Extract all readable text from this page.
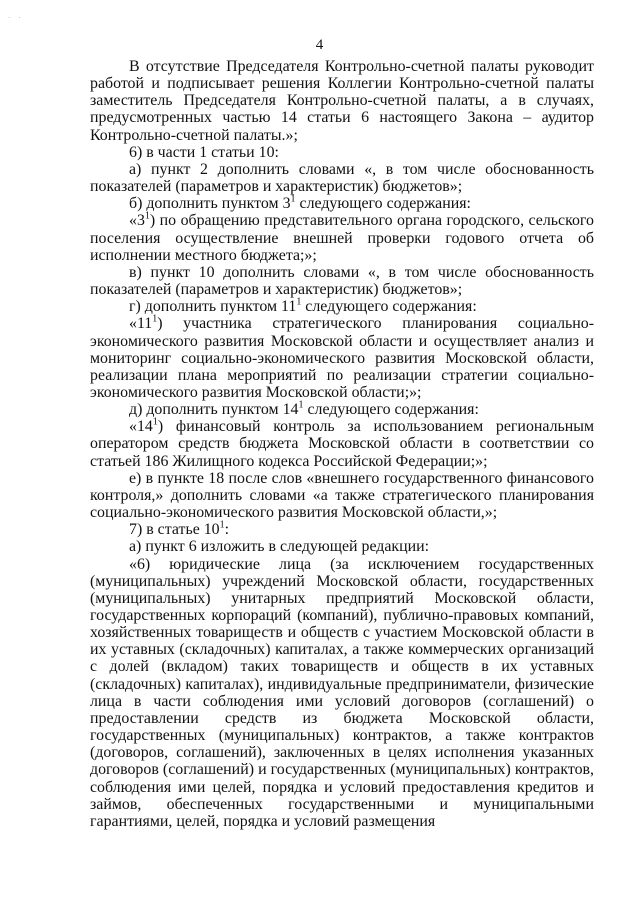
· ·
4

В отсутствие Председателя Контрольно-счетной палаты руководит работой и подписывает решения Коллегии Контрольно-счетной палаты заместитель Председателя Контрольно-счетной палаты, а в случаях, предусмотренных частью 14 статьи 6 настоящего Закона – аудитор Контрольно-счетной палаты.»;

6) в части 1 статьи 10:

а) пункт 2 дополнить словами «, в том числе обоснованность показателей (параметров и характеристик) бюджетов»;

б) дополнить пунктом $3^1$ следующего содержания:

«$3^1$) по обращению представительного органа городского, сельского поселения осуществление внешней проверки годового отчета об исполнении местного бюджета;»;

в) пункт 10 дополнить словами «, в том числе обоснованность показателей (параметров и характеристик) бюджетов»;

г) дополнить пунктом $11^1$ следующего содержания:

«$11^1$) участника стратегического планирования социально-экономического развития Московской области и осуществляет анализ и мониторинг социально-экономического развития Московской области, реализации плана мероприятий по реализации стратегии социально-экономического развития Московской области;»;

д) дополнить пунктом $14^1$ следующего содержания:

«$14^1$) финансовый контроль за использованием региональным оператором средств бюджета Московской области в соответствии со статьей 186 Жилищного кодекса Российской Федерации;»;

е) в пункте 18 после слов «внешнего государственного финансового контроля,» дополнить словами «а также стратегического планирования социально-экономического развития Московской области,»;

7) в статье $10^1$:

а) пункт 6 изложить в следующей редакции:

«6) юридические лица (за исключением государственных (муниципальных) учреждений Московской области, государственных (муниципальных) унитарных предприятий Московской области, государственных корпораций (компаний), публично-правовых компаний, хозяйственных товариществ и обществ с участием Московской области в их уставных (складочных) капиталах, а также коммерческих организаций с долей (вкладом) таких товариществ и обществ в их уставных (складочных) капиталах), индивидуальные предприниматели, физические лица в части соблюдения ими условий договоров (соглашений) о предоставлении средств из бюджета Московской области, государственных (муниципальных) контрактов, а также контрактов (договоров, соглашений), заключенных в целях исполнения указанных договоров (соглашений) и государственных (муниципальных) контрактов, соблюдения ими целей, порядка и условий предоставления кредитов и займов, обеспеченных государственными и муниципальными гарантиями, целей, порядка и условий размещения
